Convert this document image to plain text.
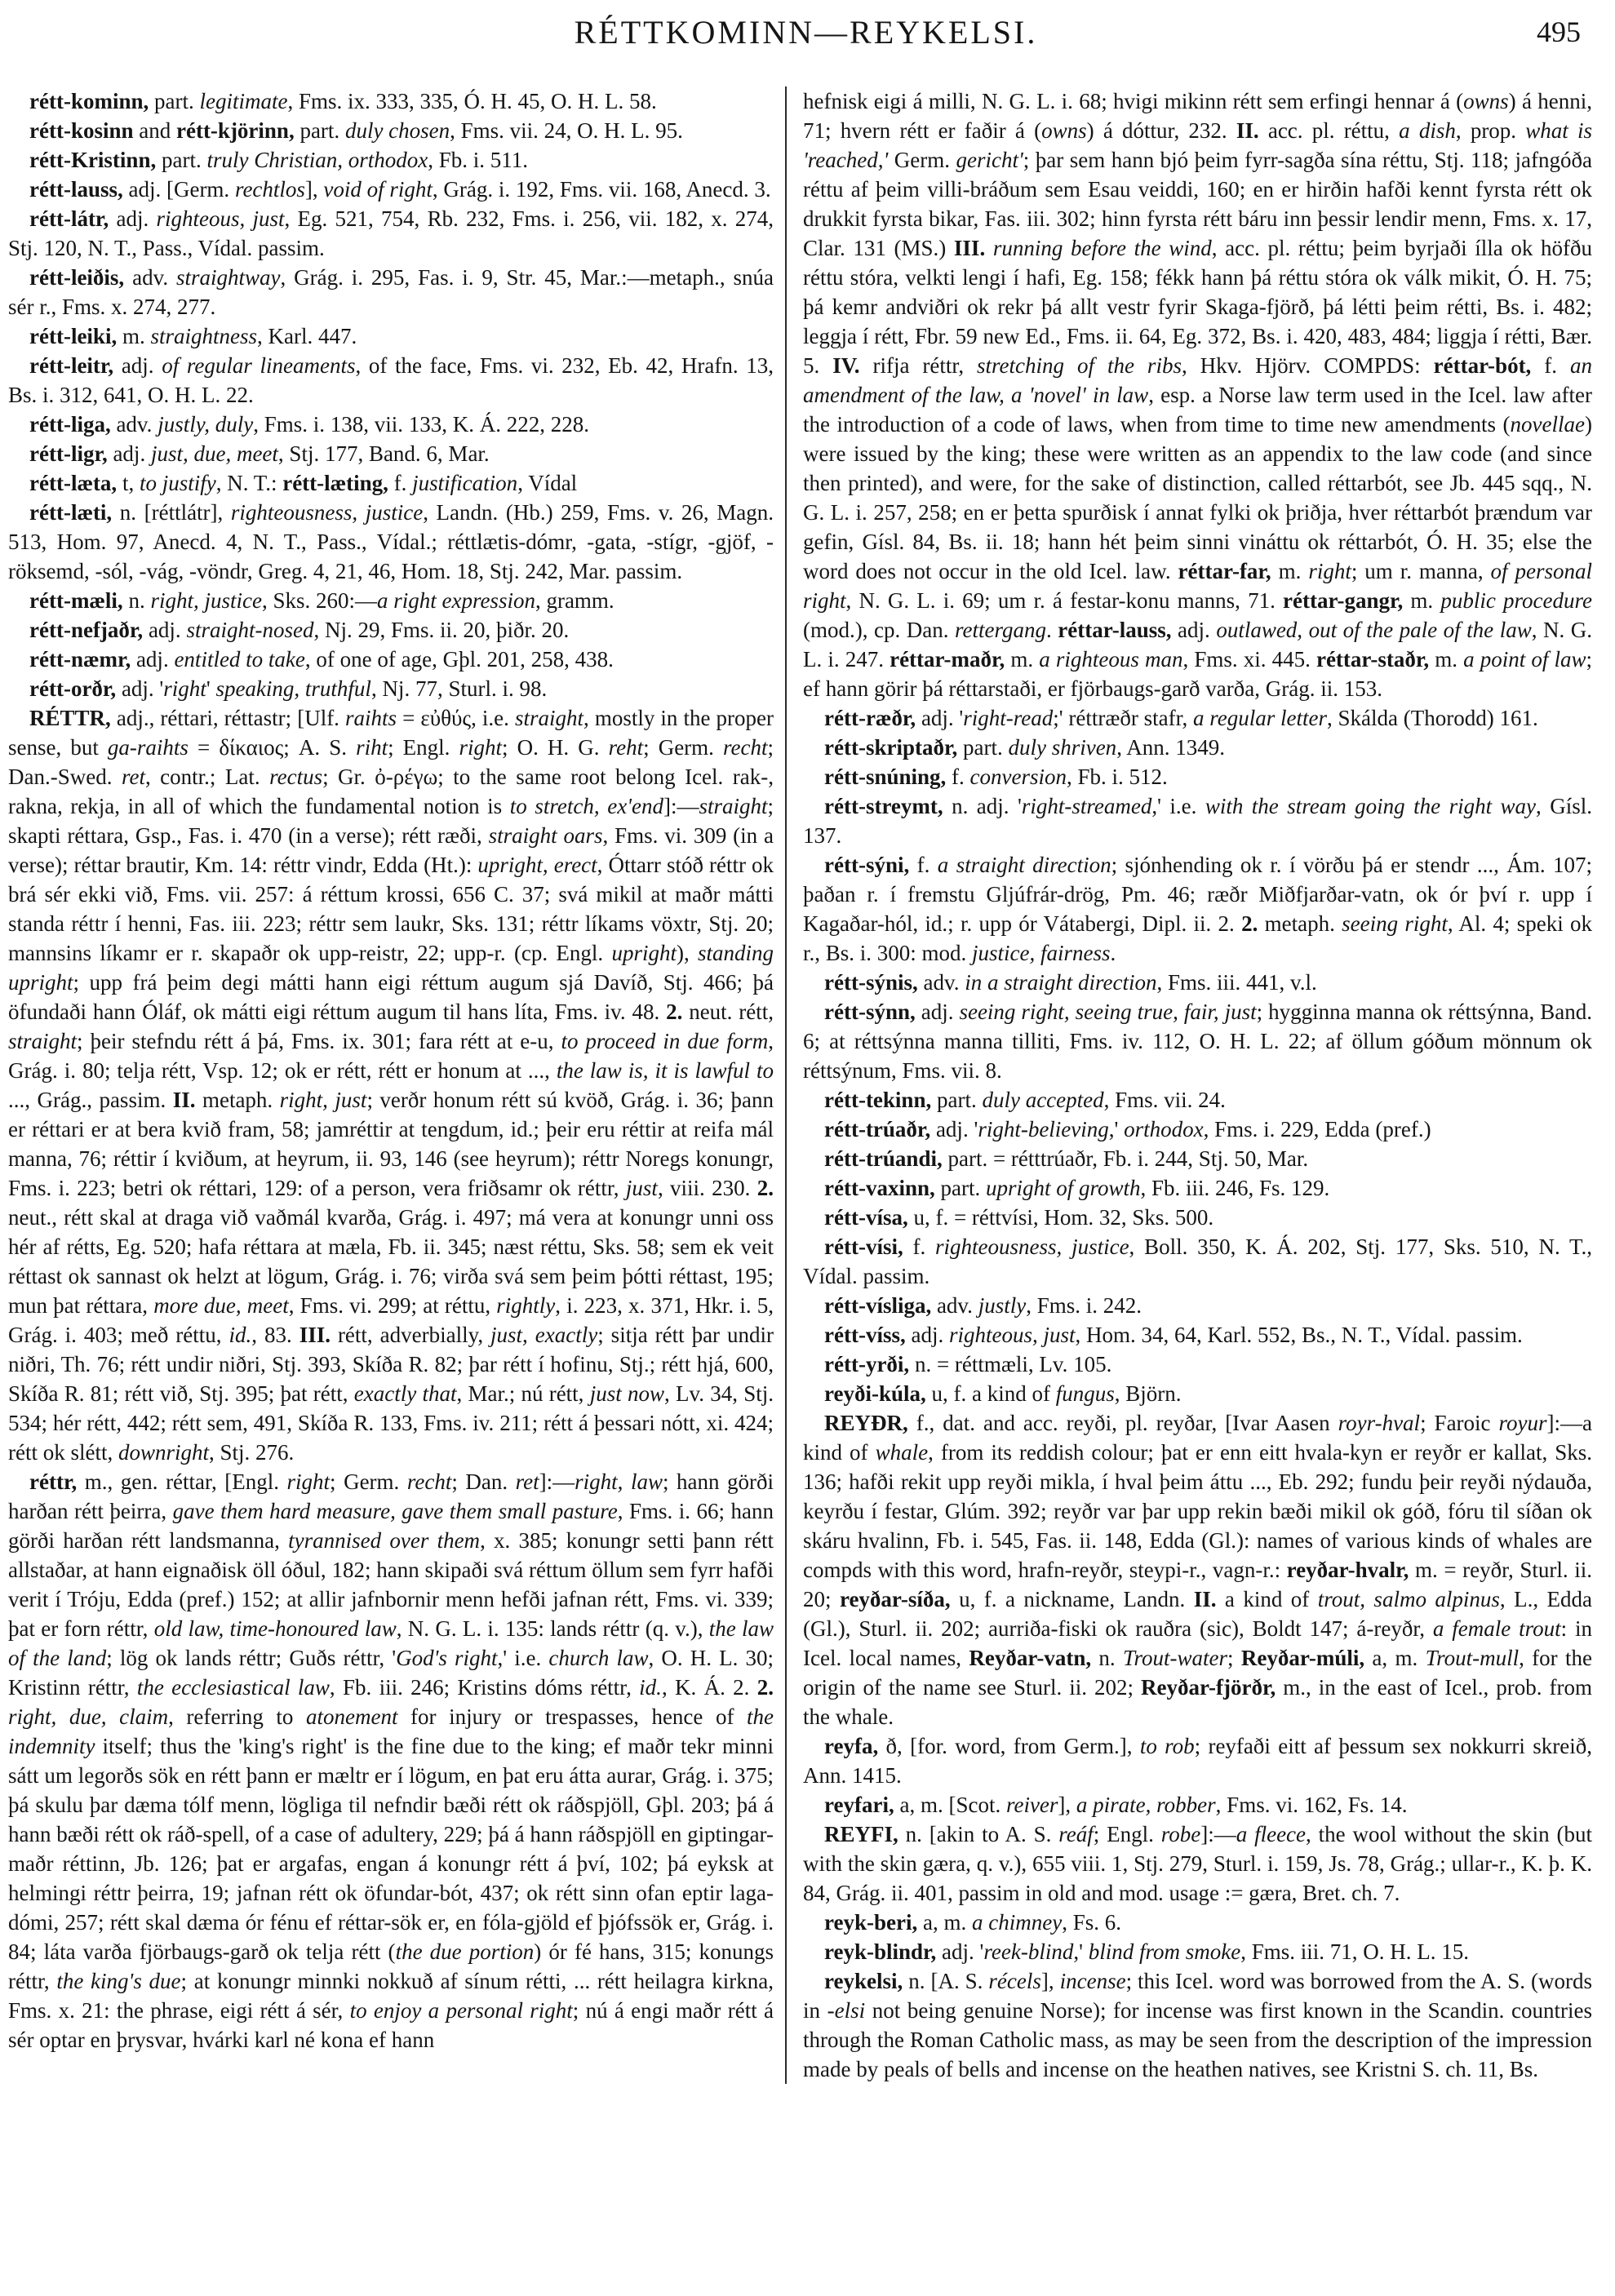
RÉTTKOMINN—REYKELSI.	495

rétt-kominn, part. legitimate, Fms. ix. 333, 335, Ó. H. 45, O. H. L. 58.

rétt-kosinn and rétt-kjörinn, part. duly chosen, Fms. vii. 24, O. H. L. 95.

rétt-Kristinn, part. truly Christian, orthodox, Fb. i. 511.

rétt-lauss, adj. [Germ. rechtlos], void of right, Grág. i. 192, Fms. vii. 168, Anecd. 3.

rétt-látr, adj. righteous, just, Eg. 521, 754, Rb. 232, Fms. i. 256, vii. 182, x. 274, Stj. 120, N. T., Pass., Vídal. passim.

rétt-leiðis, adv. straightway, Grág. i. 295, Fas. i. 9, Str. 45, Mar.:—metaph., snúa sér r., Fms. x. 274, 277.

rétt-leiki, m. straightness, Karl. 447.

rétt-leitr, adj. of regular lineaments, of the face, Fms. vi. 232, Eb. 42, Hrafn. 13, Bs. i. 312, 641, O. H. L. 22.

rétt-liga, adv. justly, duly, Fms. i. 138, vii. 133, K. Á. 222, 228.

rétt-ligr, adj. just, due, meet, Stj. 177, Band. 6, Mar.

rétt-læta, t, to justify, N. T.: rétt-læting, f. justification, Vídal

rétt-læti, n. [réttlátr], righteousness, justice, Landn. (Hb.) 259, Fms. v. 26, Magn. 513, Hom. 97, Anecd. 4, N. T., Pass., Vídal.; réttlætis-dómr, -gata, -stígr, -gjöf, -röksemd, -sól, -vág, -vöndr, Greg. 4, 21, 46, Hom. 18, Stj. 242, Mar. passim.

rétt-mæli, n. right, justice, Sks. 260:—a right expression, gramm.

rétt-nefjaðr, adj. straight-nosed, Nj. 29, Fms. ii. 20, þiðr. 20.

rétt-næmr, adj. entitled to take, of one of age, Gþl. 201, 258, 438.

rétt-orðr, adj. 'right' speaking, truthful, Nj. 77, Sturl. i. 98.

RÉTTR, adj., réttari, réttastr; [Ulf. raihts = εὐθύς, i.e. straight, mostly in the proper sense, but ga-raihts = δίκαιος; A. S. riht; Engl. right; O. H. G. reht; Germ. recht; Dan.-Swed. ret, contr.; Lat. rectus; Gr. ὀ-ρέγω; to the same root belong Icel. rak-, rakna, rekja, in all of which the fundamental notion is to stretch, ex'end]:—straight; skapti réttara, Gsp., Fas. i. 470 (in a verse); rétt ræði, straight oars, Fms. vi. 309 (in a verse); réttar brautir, Km. 14: réttr vindr, Edda (Ht.): upright, erect, Óttarr stóð réttr ok brá sér ekki við, Fms. vii. 257: á réttum krossi, 656 C. 37; svá mikil at maðr mátti standa réttr í henni, Fas. iii. 223; réttr sem laukr, Sks. 131; réttr líkams vöxtr, Stj. 20; mannsins líkamr er r. skapaðr ok upp-reistr, 22; upp-r. (cp. Engl. upright), standing upright; upp frá þeim degi mátti hann eigi réttum augum sjá Davíð, Stj. 466; þá öfundaði hann Óláf, ok mátti eigi réttum augum til hans líta, Fms. iv. 48. 2. neut. rétt, straight; þeir stefndu rétt á þá, Fms. ix. 301; fara rétt at e-u, to proceed in due form, Grág. i. 80; telja rétt, Vsp. 12; ok er rétt, rétt er honum at ..., the law is, it is lawful to ..., Grág., passim. II. metaph. right, just; verðr honum rétt sú kvöð, Grág. i. 36; þann er réttari er at bera kvið fram, 58; jamréttir at tengdum, id.; þeir eru réttir at reifa mál manna, 76; réttir í kviðum, at heyrum, ii. 93, 146 (see heyrum); réttr Noregs konungr, Fms. i. 223; betri ok réttari, 129: of a person, vera friðsamr ok réttr, just, viii. 230. 2. neut., rétt skal at draga við vaðmál kvarða, Grág. i. 497; má vera at konungr unni oss hér af rétts, Eg. 520; hafa réttara at mæla, Fb. ii. 345; næst réttu, Sks. 58; sem ek veit réttast ok sannast ok helzt at lögum, Grág. i. 76; virða svá sem þeim þótti réttast, 195; mun þat réttara, more due, meet, Fms. vi. 299; at réttu, rightly, i. 223, x. 371, Hkr. i. 5, Grág. i. 403; með réttu, id., 83. III. rétt, adverbially, just, exactly; sitja rétt þar undir niðri, Th. 76; rétt undir niðri, Stj. 393, Skíða R. 82; þar rétt í hofinu, Stj.; rétt hjá, 600, Skíða R. 81; rétt við, Stj. 395; þat rétt, exactly that, Mar.; nú rétt, just now, Lv. 34, Stj. 534; hér rétt, 442; rétt sem, 491, Skíða R. 133, Fms. iv. 211; rétt á þessari nótt, xi. 424; rétt ok slétt, downright, Stj. 276.

réttr, m., gen. réttar, [Engl. right; Germ. recht; Dan. ret]:—right, law; hann görði harðan rétt þeirra, gave them hard measure, gave them small pasture, Fms. i. 66; hann görði harðan rétt landsmanna, tyrannised over them, x. 385; konungr setti þann rétt allstaðar, at hann eignaðisk öll óðul, 182; hann skipaði svá réttum öllum sem fyrr hafði verit í Tróju, Edda (pref.) 152; at allir jafnbornir menn hefði jafnan rétt, Fms. vi. 339; þat er forn réttr, old law, time-honoured law, N. G. L. i. 135: lands réttr (q. v.), the law of the land; lög ok lands réttr; Guðs réttr, 'God's right,' i.e. church law, O. H. L. 30; Kristinn réttr, the ecclesiastical law, Fb. iii. 246; Kristins dóms réttr, id., K. Á. 2. 2. right, due, claim, referring to atonement for injury or trespasses, hence of the indemnity itself; thus the 'king's right' is the fine due to the king; ef maðr tekr minni sátt um legorðs sök en rétt þann er mæltr er í lögum, en þat eru átta aurar, Grág. i. 375; þá skulu þar dæma tólf menn, lögliga til nefndir bæði rétt ok ráðspjöll, Gþl. 203; þá á hann bæði rétt ok ráð-spell, of a case of adultery, 229; þá á hann ráðspjöll en giptingar-maðr réttinn, Jb. 126; þat er argafas, engan á konungr rétt á því, 102; þá eyksk at helmingi réttr þeirra, 19; jafnan rétt ok öfundar-bót, 437; ok rétt sinn ofan eptir laga-dómi, 257; rétt skal dæma ór fénu ef réttar-sök er, en fóla-gjöld ef þjófssök er, Grág. i. 84; láta varða fjörbaugs-garð ok telja rétt (the due portion) ór fé hans, 315; konungs réttr, the king's due; at konungr minnki nokkuð af sínum rétti, ... rétt heilagra kirkna, Fms. x. 21: the phrase, eigi rétt á sér, to enjoy a personal right; nú á engi maðr rétt á sér optar en þrysvar, hvárki karl né kona ef hann

hefnisk eigi á milli, N. G. L. i. 68; hvigi mikinn rétt sem erfingi hennar á (owns) á henni, 71; hvern rétt er faðir á (owns) á dóttur, 232. II. acc. pl. réttu, a dish, prop. what is 'reached,' Germ. gericht'; þar sem hann bjó þeim fyrr-sagða sína réttu, Stj. 118; jafngóða réttu af þeim villi-bráðum sem Esau veiddi, 160; en er hirðin hafði kennt fyrsta rétt ok drukkit fyrsta bikar, Fas. iii. 302; hinn fyrsta rétt báru inn þessir lendir menn, Fms. x. 17, Clar. 131 (MS.) III. running before the wind, acc. pl. réttu; þeim byrjaði ílla ok höfðu réttu stóra, velkti lengi í hafi, Eg. 158; fékk hann þá réttu stóra ok válk mikit, Ó. H. 75; þá kemr andviðri ok rekr þá allt vestr fyrir Skaga-fjörð, þá létti þeim rétti, Bs. i. 482; leggja í rétt, Fbr. 59 new Ed., Fms. ii. 64, Eg. 372, Bs. i. 420, 483, 484; liggja í rétti, Bær. 5. IV. rifja réttr, stretching of the ribs, Hkv. Hjörv. COMPDS: réttar-bót, f. an amendment of the law, a 'novel' in law, esp. a Norse law term used in the Icel. law after the introduction of a code of laws, when from time to time new amendments (novellae) were issued by the king; these were written as an appendix to the law code (and since then printed), and were, for the sake of distinction, called réttarbót, see Jb. 445 sqq., N. G. L. i. 257, 258; en er þetta spurðisk í annat fylki ok þriðja, hver réttarbót þrændum var gefin, Gísl. 84, Bs. ii. 18; hann hét þeim sinni vináttu ok réttarbót, Ó. H. 35; else the word does not occur in the old Icel. law. réttar-far, m. right; um r. manna, of personal right, N. G. L. i. 69; um r. á festar-konu manns, 71. réttar-gangr, m. public procedure (mod.), cp. Dan. rettergang. réttar-lauss, adj. outlawed, out of the pale of the law, N. G. L. i. 247. réttar-maðr, m. a righteous man, Fms. xi. 445. réttar-staðr, m. a point of law; ef hann görir þá réttarstaði, er fjörbaugs-garð varða, Grág. ii. 153.

rétt-ræðr, adj. 'right-read;' réttræðr stafr, a regular letter, Skálda (Thorodd) 161.

rétt-skriptaðr, part. duly shriven, Ann. 1349.

rétt-snúning, f. conversion, Fb. i. 512.

rétt-streymt, n. adj. 'right-streamed,' i.e. with the stream going the right way, Gísl. 137.

rétt-sýni, f. a straight direction; sjónhending ok r. í vörðu þá er stendr ..., Ám. 107; þaðan r. í fremstu Gljúfrár-drög, Pm. 46; ræðr Miðfjarðar-vatn, ok ór því r. upp í Kagaðar-hól, id.; r. upp ór Vátabergi, Dipl. ii. 2. 2. metaph. seeing right, Al. 4; speki ok r., Bs. i. 300: mod. justice, fairness.

rétt-sýnis, adv. in a straight direction, Fms. iii. 441, v.l.

rétt-sýnn, adj. seeing right, seeing true, fair, just; hygginna manna ok réttsýnna, Band. 6; at réttsýnna manna tilliti, Fms. iv. 112, O. H. L. 22; af öllum góðum mönnum ok réttsýnum, Fms. vii. 8.

rétt-tekinn, part. duly accepted, Fms. vii. 24.

rétt-trúaðr, adj. 'right-believing,' orthodox, Fms. i. 229, Edda (pref.)

rétt-trúandi, part. = rétttrúaðr, Fb. i. 244, Stj. 50, Mar.

rétt-vaxinn, part. upright of growth, Fb. iii. 246, Fs. 129.

rétt-vísa, u, f. = réttvísi, Hom. 32, Sks. 500.

rétt-vísi, f. righteousness, justice, Boll. 350, K. Á. 202, Stj. 177, Sks. 510, N. T., Vídal. passim.

rétt-vísliga, adv. justly, Fms. i. 242.

rétt-víss, adj. righteous, just, Hom. 34, 64, Karl. 552, Bs., N. T., Vídal. passim.

rétt-yrði, n. = réttmæli, Lv. 105.

reyði-kúla, u, f. a kind of fungus, Björn.

REYÐR, f., dat. and acc. reyði, pl. reyðar, [Ivar Aasen royr-hval; Faroic royur]:—a kind of whale, from its reddish colour; þat er enn eitt hvala-kyn er reyðr er kallat, Sks. 136; hafði rekit upp reyði mikla, í hval þeim áttu ..., Eb. 292; fundu þeir reyði nýdauða, keyrðu í festar, Glúm. 392; reyðr var þar upp rekin bæði mikil ok góð, fóru til síðan ok skáru hvalinn, Fb. i. 545, Fas. ii. 148, Edda (Gl.): names of various kinds of whales are compds with this word, hrafn-reyðr, steypi-r., vagn-r.: reyðar-hvalr, m. = reyðr, Sturl. ii. 20; reyðar-síða, u, f. a nickname, Landn. II. a kind of trout, salmo alpinus, L., Edda (Gl.), Sturl. ii. 202; aurriða-fiski ok rauðra (sic), Boldt 147; á-reyðr, a female trout: in Icel. local names, Reyðar-vatn, n. Trout-water; Reyðar-múli, a, m. Trout-mull, for the origin of the name see Sturl. ii. 202; Reyðar-fjörðr, m., in the east of Icel., prob. from the whale.

reyfa, ð, [for. word, from Germ.], to rob; reyfaði eitt af þessum sex nokkurri skreið, Ann. 1415.

reyfari, a, m. [Scot. reiver], a pirate, robber, Fms. vi. 162, Fs. 14.

REYFI, n. [akin to A. S. reáf; Engl. robe]:—a fleece, the wool without the skin (but with the skin gæra, q. v.), 655 viii. 1, Stj. 279, Sturl. i. 159, Js. 78, Grág.; ullar-r., K. þ. K. 84, Grág. ii. 401, passim in old and mod. usage := gæra, Bret. ch. 7.

reyk-beri, a, m. a chimney, Fs. 6.

reyk-blindr, adj. 'reek-blind,' blind from smoke, Fms. iii. 71, O. H. L. 15.

reykelsi, n. [A. S. récels], incense; this Icel. word was borrowed from the A. S. (words in -elsi not being genuine Norse); for incense was first known in the Scandin. countries through the Roman Catholic mass, as may be seen from the description of the impression made by peals of bells and incense on the heathen natives, see Kristni S. ch. 11, Bs.
